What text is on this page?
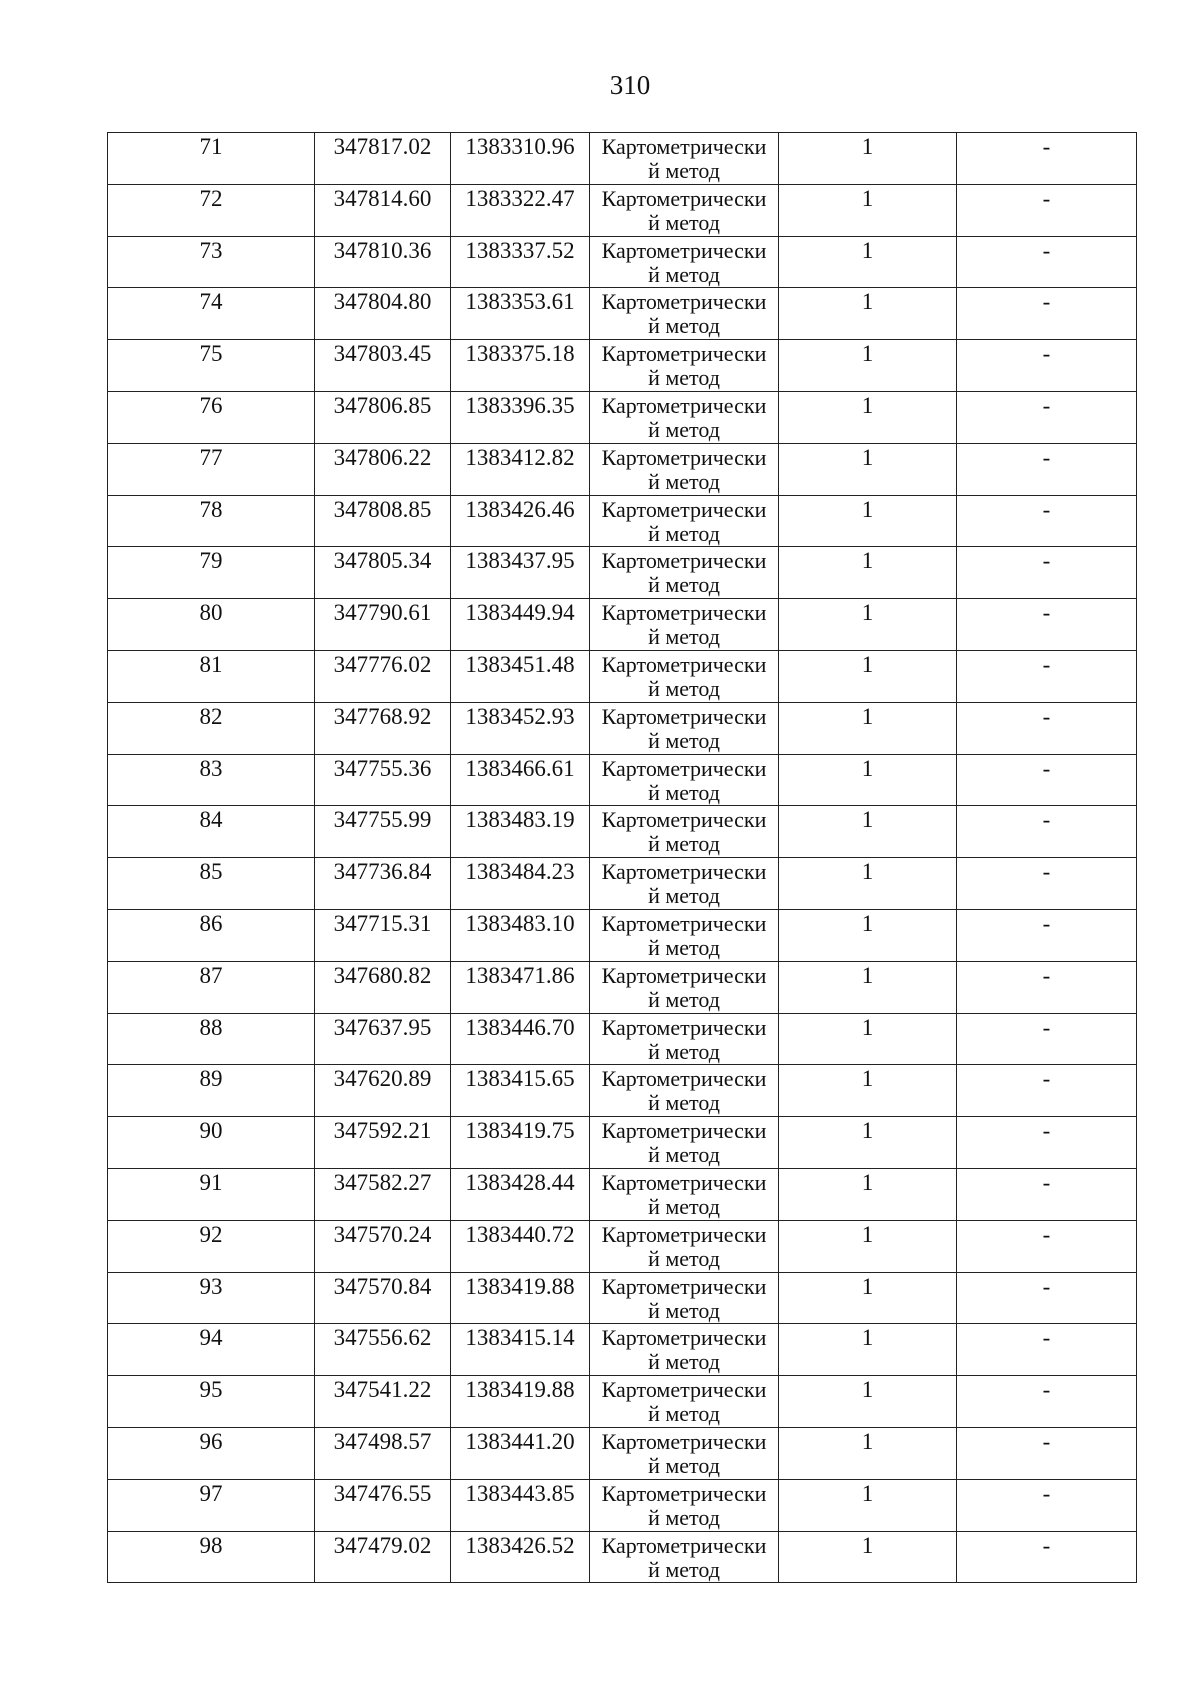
310
71	347817.02	1383310.96	Картометрически
й метод	1	-
72	347814.60	1383322.47	Картометрически
й метод	1	-
73	347810.36	1383337.52	Картометрически
й метод	1	-
74	347804.80	1383353.61	Картометрически
й метод	1	-
75	347803.45	1383375.18	Картометрически
й метод	1	-
76	347806.85	1383396.35	Картометрически
й метод	1	-
77	347806.22	1383412.82	Картометрически
й метод	1	-
78	347808.85	1383426.46	Картометрически
й метод	1	-
79	347805.34	1383437.95	Картометрически
й метод	1	-
80	347790.61	1383449.94	Картометрически
й метод	1	-
81	347776.02	1383451.48	Картометрически
й метод	1	-
82	347768.92	1383452.93	Картометрически
й метод	1	-
83	347755.36	1383466.61	Картометрически
й метод	1	-
84	347755.99	1383483.19	Картометрически
й метод	1	-
85	347736.84	1383484.23	Картометрически
й метод	1	-
86	347715.31	1383483.10	Картометрически
й метод	1	-
87	347680.82	1383471.86	Картометрически
й метод	1	-
88	347637.95	1383446.70	Картометрически
й метод	1	-
89	347620.89	1383415.65	Картометрически
й метод	1	-
90	347592.21	1383419.75	Картометрически
й метод	1	-
91	347582.27	1383428.44	Картометрически
й метод	1	-
92	347570.24	1383440.72	Картометрически
й метод	1	-
93	347570.84	1383419.88	Картометрически
й метод	1	-
94	347556.62	1383415.14	Картометрически
й метод	1	-
95	347541.22	1383419.88	Картометрически
й метод	1	-
96	347498.57	1383441.20	Картометрически
й метод	1	-
97	347476.55	1383443.85	Картометрически
й метод	1	-
98	347479.02	1383426.52	Картометрически
й метод	1	-
